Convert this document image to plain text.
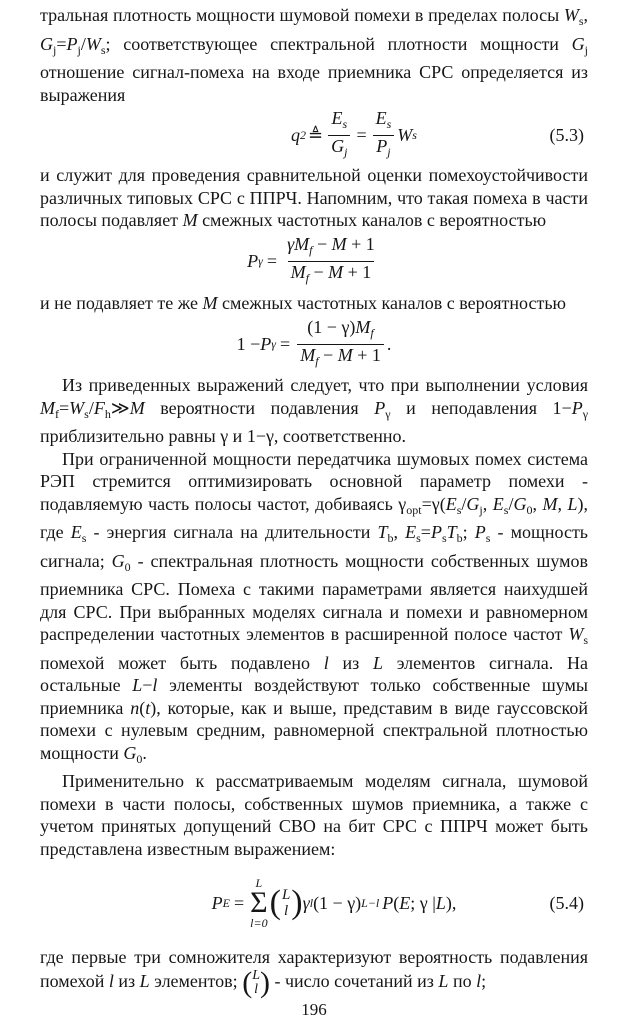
тральная плотность мощности шумовой помехи в пределах полосы $W_s$, $G_j=P_j/W_s$; соответствующее спектральной плотности мощности $G_j$ отношение сигнал-помеха на входе приемника СРС определяется из выражения

q 2 ≜ $\frac{E_s}{G_j} = \frac{E_s}{P_j}$ W s	(5.3)

и служит для проведения сравнительной оценки помехоустойчивости различных типовых СРС с ППРЧ. Напомним, что такая помеха в части полосы подавляет M смежных частотных каналов с вероятностью

P $\gamma = \frac{\gamma M_f - M + 1}{M_f - M + 1}$

и не подавляет те же M смежных частотных каналов с вероятностью

1 − P $\gamma = \frac{(1 - \gamma)M_f}{M_f - M + 1}$ .

Из приведенных выражений следует, что при выполнении условия $M_f=W_s/F_h≫M$ вероятности подавления $P_\gamma$ и неподавления $1-P_\gamma$ приблизительно равны γ и 1−γ, соответственно.

При ограниченной мощности передатчика шумовых помех система РЭП стремится оптимизировать основной параметр помехи - подавляемую часть полосы частот, добиваясь $\gamma_{opt}=\gamma(E_s/G_j$, $E_s/G_0$, M, L), где $E_s$ - энергия сигнала на длительности $T_b$, $E_s=P_sT_b$; $P_s$ - мощность сигнала; $G_0$ - спектральная плотность мощности собственных шумов приемника СРС. Помеха с такими параметрами является наихудшей для СРС. При выбранных моделях сигнала и помехи и равномерном распределении частотных элементов в расширенной полосе частот $W_s$ помехой может быть подавлено l из L элементов сигнала. На остальные L−l элементы воздействуют только собственные шумы приемника n(t), которые, как и выше, представим в виде гауссовской помехи с нулевым средним, равномерной спектральной плотностью мощности $G_0$.

Применительно к рассматриваемым моделям сигнала, шумовой помехи в части полосы, собственных шумов приемника, а также с учетом принятых допущений СВО на бит СРС с ППРЧ может быть представлена известным выражением:

P E =
L
Σ
l=0
( L
l ) γ l (1 − γ) L−l P ( E ; γ | L ),	(5.4)

где первые три сомножителя характеризуют вероятность подавления помехой l из L элементов; ( L
l ) - число сочетаний из L по l;

196
